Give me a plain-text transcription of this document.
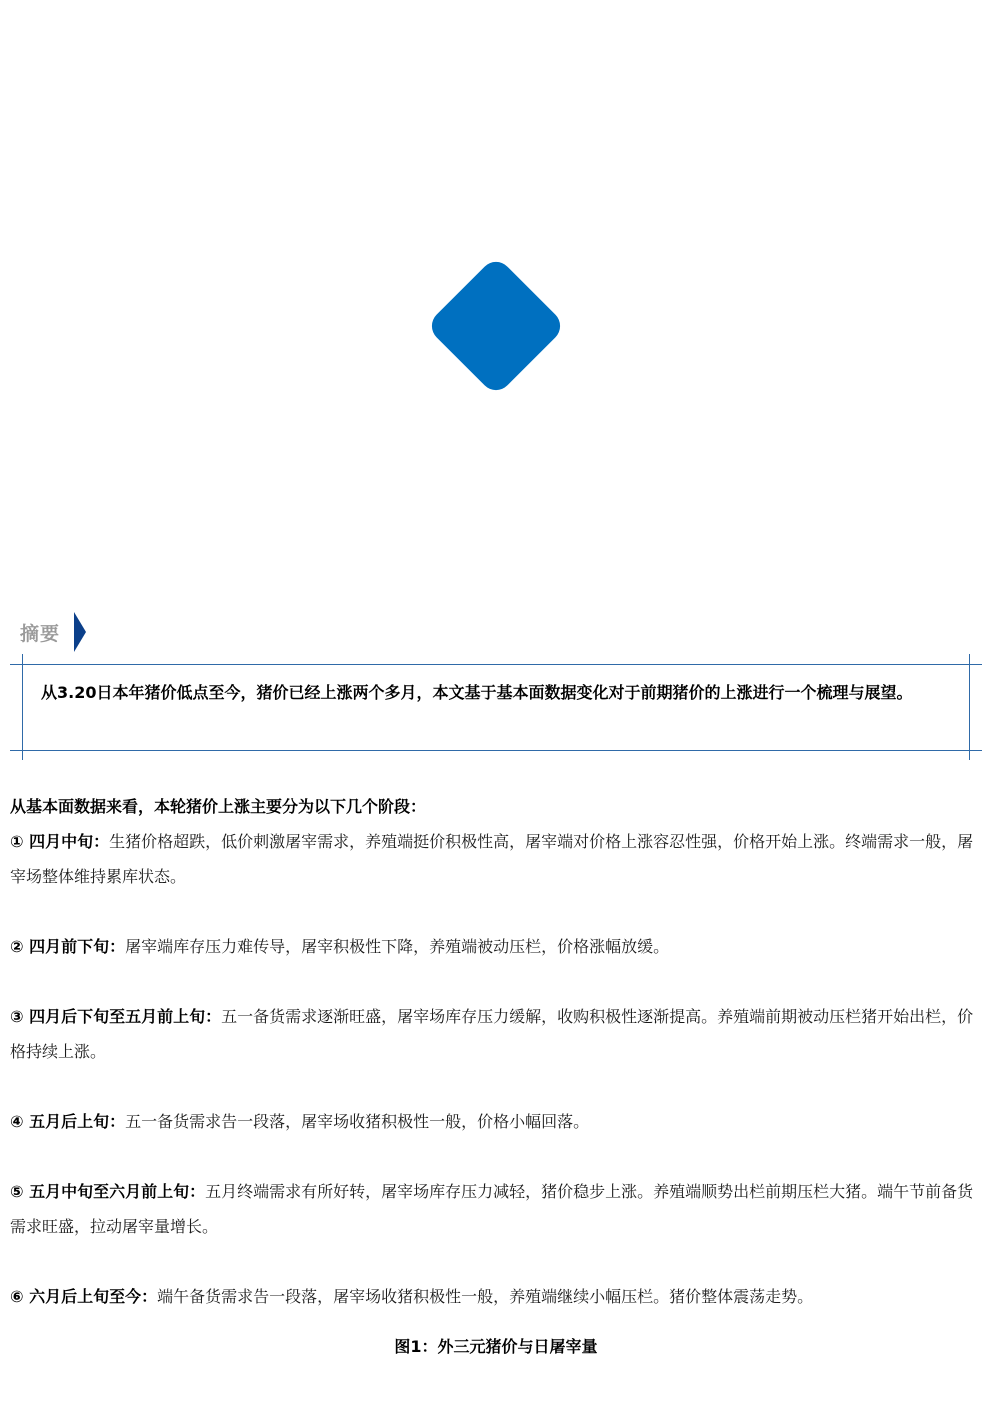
摘要
从3.20日本年猪价低点至今，猪价已经上涨两个多月，本文基于基本面数据变化对于前期猪价的上涨进行一个梳理与展望。

从基本面数据来看，本轮猪价上涨主要分为以下几个阶段：

① 四月中旬：生猪价格超跌，低价刺激屠宰需求，养殖端挺价积极性高，屠宰端对价格上涨容忍性强，价格开始上涨。终端需求一般，屠宰场整体维持累库状态。

② 四月前下旬：屠宰端库存压力难传导，屠宰积极性下降，养殖端被动压栏，价格涨幅放缓。

③ 四月后下旬至五月前上旬：五一备货需求逐渐旺盛，屠宰场库存压力缓解，收购积极性逐渐提高。养殖端前期被动压栏猪开始出栏，价格持续上涨。

④ 五月后上旬：五一备货需求告一段落，屠宰场收猪积极性一般，价格小幅回落。

⑤ 五月中旬至六月前上旬：五月终端需求有所好转，屠宰场库存压力减轻，猪价稳步上涨。养殖端顺势出栏前期压栏大猪。端午节前备货需求旺盛，拉动屠宰量增长。

⑥ 六月后上旬至今：端午备货需求告一段落，屠宰场收猪积极性一般，养殖端继续小幅压栏。猪价整体震荡走势。

图1：外三元猪价与日屠宰量
